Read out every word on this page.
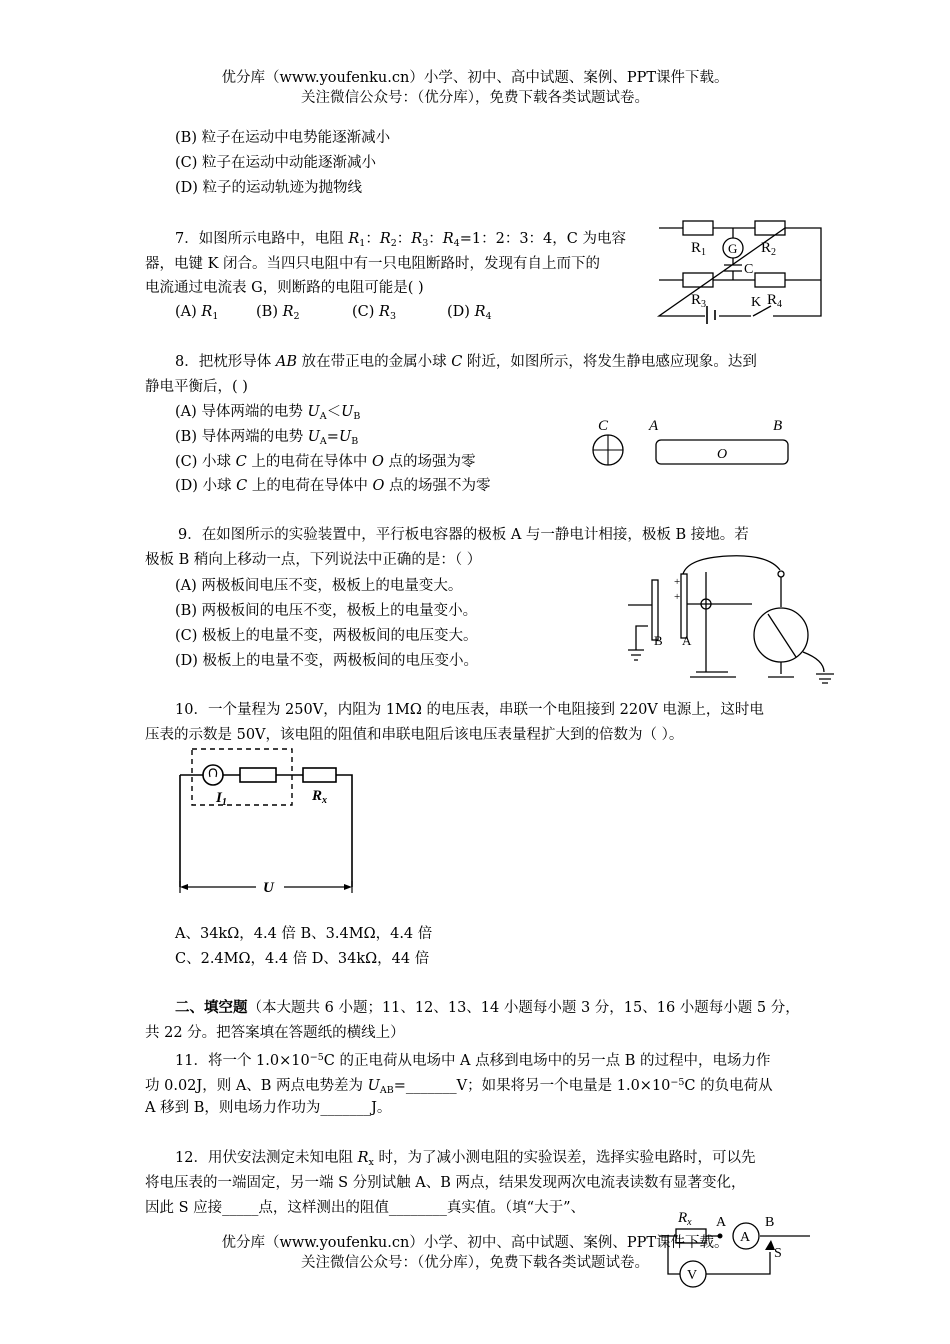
优分库（www.youfenku.cn）小学、初中、高中试题、案例、PPT课件下载。
关注微信公众号：（优分库），免费下载各类试题试卷。
(B) 粒子在运动中电势能逐渐减小
(C) 粒子在运动中动能逐渐减小
(D) 粒子的运动轨迹为抛物线
7．如图所示电路中，电阻 $R_1$：$R_2$：$R_3$：$R_4=1$：2：3：4，C 为电容
器，电键 K 闭合。当四只电阻中有一只电阻断路时，发现有自上而下的
电流通过电流表 G，则断路的电阻可能是( )
(A) $R_1$	(B) $R_2$	(C) $R_3$	(D) $R_4$
$R_1$	$R_2$
$R_3$	$R_4$
G
C
K
8．把枕形导体 AB 放在带正电的金属小球 C 附近，如图所示，将发生静电感应现象。达到
静电平衡后，( )
(A) 导体两端的电势 $U_A<U_B$
(B) 导体两端的电势 $U_A=U_B$
(C) 小球 C 上的电荷在导体中 O 点的场强为零
(D) 小球 C 上的电荷在导体中 O 点的场强不为零
C	A	B
O
9．在如图所示的实验装置中，平行板电容器的极板 A 与一静电计相接，极板 B 接地。若
极板 B 稍向上移动一点，下列说法中正确的是：（ ）
(A) 两极板间电压不变，极板上的电量变大。
(B) 两极板间的电压不变，极板上的电量变小。
(C) 极板上的电量不变，两极板间的电压变大。
(D) 极板上的电量不变，两极板间的电压变小。
B A
+
+
10．一个量程为 250V，内阻为 1MΩ 的电压表，串联一个电阻接到 220V 电源上，这时电
压表的示数是 50V，该电阻的阻值和串联电阻后该电压表量程扩大到的倍数为（ ）。
$I_1$	$R_x$
U
A、34kΩ，4.4 倍 B、3.4MΩ，4.4 倍
C、2.4MΩ，4.4 倍 D、34kΩ，44 倍
二、填空题（本大题共 6 小题；11、12、13、14 小题每小题 3 分，15、16 小题每小题 5 分，
共 22 分。把答案填在答题纸的横线上）
11．将一个 $1.0\times 10^{-5}C$ 的正电荷从电场中 A 点移到电场中的另一点 B 的过程中，电场力作
功 0.02J，则 A、B 两点电势差为 $U_{AB}=\_\_\_\_\_\_\_V$；如果将另一个电量是 $1.0\times 10^{-5}C$ 的负电荷从
A 移到 B，则电场力作功为_______J。
12．用伏安法测定未知电阻 $R_x$ 时，为了减小测电阻的实验误差，选择实验电路时，可以先
将电压表的一端固定，另一端 S 分别试触 A、B 两点，结果发现两次电流表读数有显著变化，
因此 S 应接_____点，这样测出的阻值________真实值。（填“大于”、
$R_x$ A	B
A
S
V
优分库（www.youfenku.cn）小学、初中、高中试题、案例、PPT课件下载。
关注微信公众号：（优分库），免费下载各类试题试卷。
